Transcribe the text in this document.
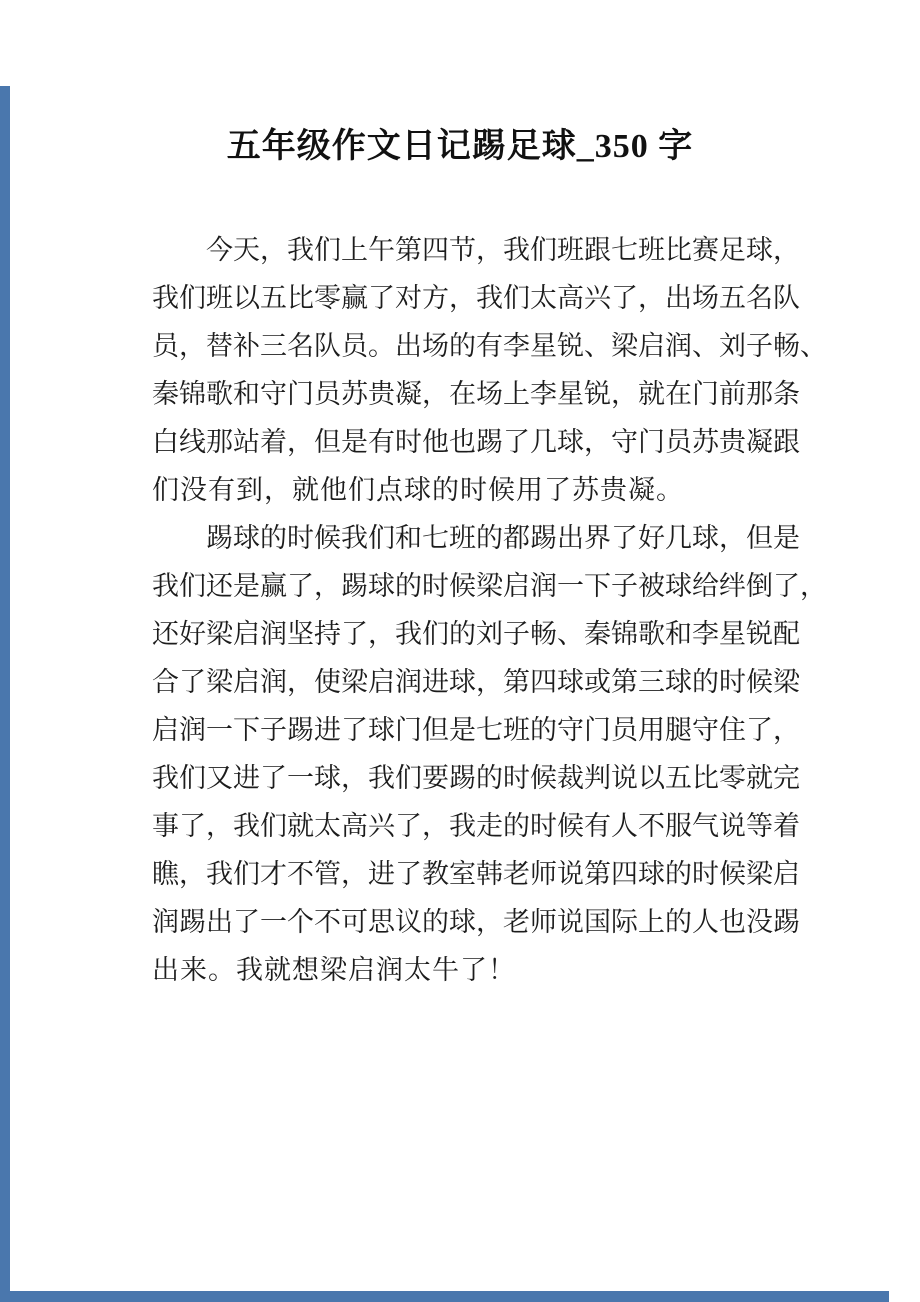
五年级作文日记踢足球_350 字

今 天 ， 我 们 上 午 第 四 节 ， 我 们 班 跟 七 班 比 赛 足 球 ，
我 们 班 以 五 比 零 赢 了 对 方 ， 我 们 太 高 兴 了 ， 出 场 五 名 队
员 ， 替 补 三 名 队 员 。 出 场 的 有 李 星 锐 、 梁 启 润 、 刘 子 畅 、
秦 锦 歌 和 守 门 员 苏 贵 凝 ， 在 场 上 李 星 锐 ， 就 在 门 前 那 条
白 线 那 站 着 ， 但 是 有 时 他 也 踢 了 几 球 ， 守 门 员 苏 贵 凝 跟
们没有到，就他们点球的时候用了苏贵凝。

踢 球 的 时 候 我 们 和 七 班 的 都 踢 出 界 了 好 几 球 ， 但 是
我 们 还 是 赢 了 ， 踢 球 的 时 候 梁 启 润 一 下 子 被 球 给 绊 倒 了 ，
还 好 梁 启 润 坚 持 了 ， 我 们 的 刘 子 畅 、 秦 锦 歌 和 李 星 锐 配
合 了 梁 启 润 ， 使 梁 启 润 进 球 ， 第 四 球 或 第 三 球 的 时 候 梁
启 润 一 下 子 踢 进 了 球 门 但 是 七 班 的 守 门 员 用 腿 守 住 了 ，
我 们 又 进 了 一 球 ， 我 们 要 踢 的 时 候 裁 判 说 以 五 比 零 就 完
事 了 ， 我 们 就 太 高 兴 了 ， 我 走 的 时 候 有 人 不 服 气 说 等 着
瞧 ， 我 们 才 不 管 ， 进 了 教 室 韩 老 师 说 第 四 球 的 时 候 梁 启
润 踢 出 了 一 个 不 可 思 议 的 球 ， 老 师 说 国 际 上 的 人 也 没 踢
出来。我就想梁启润太牛了！
